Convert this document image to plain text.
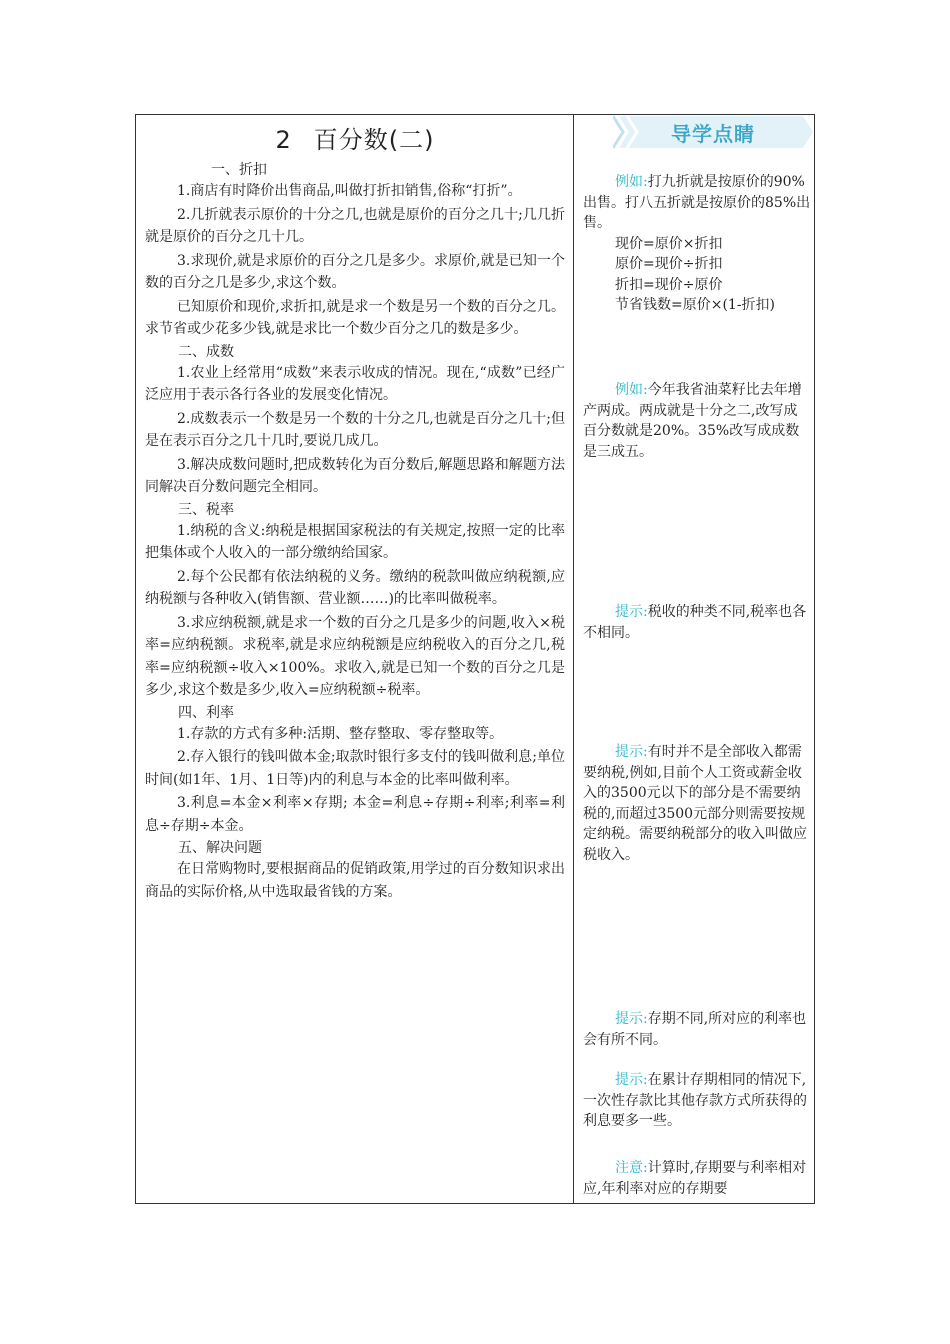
2 百分数(二)
一、折扣

1.商店有时降价出售商品,叫做打折扣销售,俗称“打折”。

2.几折就表示原价的十分之几,也就是原价的百分之几十;几几折就是原价的百分之几十几。

3.求现价,就是求原价的百分之几是多少。求原价,就是已知一个数的百分之几是多少,求这个数。

已知原价和现价,求折扣,就是求一个数是另一个数的百分之几。求节省或少花多少钱,就是求比一个数少百分之几的数是多少。

二、成数

1.农业上经常用“成数”来表示收成的情况。现在,“成数”已经广泛应用于表示各行各业的发展变化情况。

2.成数表示一个数是另一个数的十分之几,也就是百分之几十;但是在表示百分之几十几时,要说几成几。

3.解决成数问题时,把成数转化为百分数后,解题思路和解题方法同解决百分数问题完全相同。

三、税率

1.纳税的含义:纳税是根据国家税法的有关规定,按照一定的比率把集体或个人收入的一部分缴纳给国家。

2.每个公民都有依法纳税的义务。缴纳的税款叫做应纳税额,应纳税额与各种收入(销售额、营业额……)的比率叫做税率。

3.求应纳税额,就是求一个数的百分之几是多少的问题,收入×税率=应纳税额。求税率,就是求应纳税额是应纳税收入的百分之几,税率=应纳税额÷收入×100%。求收入,就是已知一个数的百分之几是多少,求这个数是多少,收入=应纳税额÷税率。

四、利率

1.存款的方式有多种:活期、整存整取、零存整取等。

2.存入银行的钱叫做本金;取款时银行多支付的钱叫做利息;单位时间(如1年、1月、1日等)内的利息与本金的比率叫做利率。

3.利息=本金×利率×存期; 本金=利息÷存期÷利率;利率=利息÷存期÷本金。

五、解决问题

在日常购物时,要根据商品的促销政策,用学过的百分数知识求出商品的实际价格,从中选取最省钱的方案。

导学点睛
例如:打九折就是按原价的90%出售。打八五折就是按原价的85%出售。
现价=原价×折扣
原价=现价÷折扣
折扣=现价÷原价
节省钱数=原价×(1-折扣)
例如:今年我省油菜籽比去年增产两成。两成就是十分之二,改写成百分数就是20%。35%改写成成数是三成五。
提示:税收的种类不同,税率也各不相同。
提示:有时并不是全部收入都需要纳税,例如,目前个人工资或薪金收入的3500元以下的部分是不需要纳税的,而超过3500元部分则需要按规定纳税。需要纳税部分的收入叫做应税收入。
提示:存期不同,所对应的利率也会有所不同。
提示:在累计存期相同的情况下,一次性存款比其他存款方式所获得的利息要多一些。
注意:计算时,存期要与利率相对应,年利率对应的存期要
